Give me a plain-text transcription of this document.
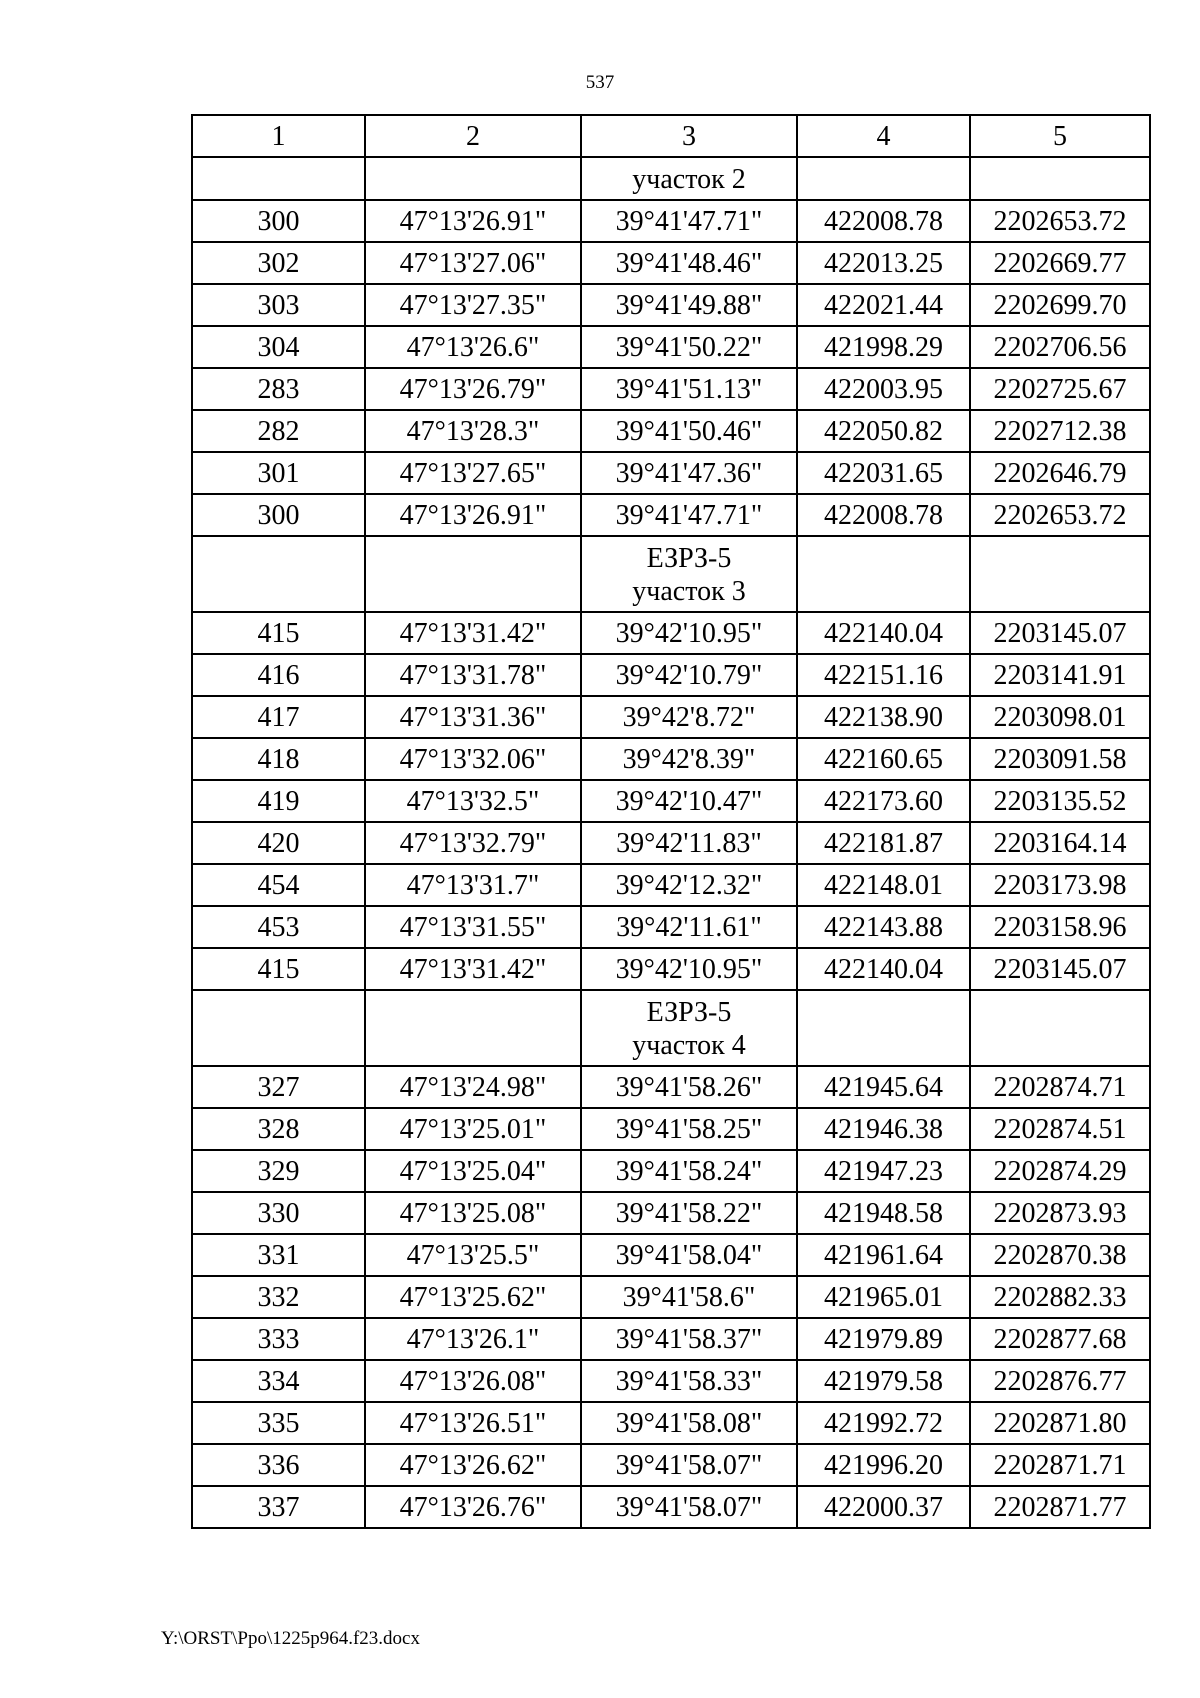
537
1	2	3	4	5

		участок 2		

300	47°13'26.91"	39°41'47.71"	422008.78	2202653.72
302	47°13'27.06"	39°41'48.46"	422013.25	2202669.77
303	47°13'27.35"	39°41'49.88"	422021.44	2202699.70
304	47°13'26.6"	39°41'50.22"	421998.29	2202706.56
283	47°13'26.79"	39°41'51.13"	422003.95	2202725.67
282	47°13'28.3"	39°41'50.46"	422050.82	2202712.38
301	47°13'27.65"	39°41'47.36"	422031.65	2202646.79
300	47°13'26.91"	39°41'47.71"	422008.78	2202653.72

		ЕЗРЗ-5
участок 3		

415	47°13'31.42"	39°42'10.95"	422140.04	2203145.07
416	47°13'31.78"	39°42'10.79"	422151.16	2203141.91
417	47°13'31.36"	39°42'8.72"	422138.90	2203098.01
418	47°13'32.06"	39°42'8.39"	422160.65	2203091.58
419	47°13'32.5"	39°42'10.47"	422173.60	2203135.52
420	47°13'32.79"	39°42'11.83"	422181.87	2203164.14
454	47°13'31.7"	39°42'12.32"	422148.01	2203173.98
453	47°13'31.55"	39°42'11.61"	422143.88	2203158.96
415	47°13'31.42"	39°42'10.95"	422140.04	2203145.07

		ЕЗРЗ-5
участок 4		

327	47°13'24.98"	39°41'58.26"	421945.64	2202874.71
328	47°13'25.01"	39°41'58.25"	421946.38	2202874.51
329	47°13'25.04"	39°41'58.24"	421947.23	2202874.29
330	47°13'25.08"	39°41'58.22"	421948.58	2202873.93
331	47°13'25.5"	39°41'58.04"	421961.64	2202870.38
332	47°13'25.62"	39°41'58.6"	421965.01	2202882.33
333	47°13'26.1"	39°41'58.37"	421979.89	2202877.68
334	47°13'26.08"	39°41'58.33"	421979.58	2202876.77
335	47°13'26.51"	39°41'58.08"	421992.72	2202871.80
336	47°13'26.62"	39°41'58.07"	421996.20	2202871.71
337	47°13'26.76"	39°41'58.07"	422000.37	2202871.77
Y:\ORST\Ppo\1225p964.f23.docx
